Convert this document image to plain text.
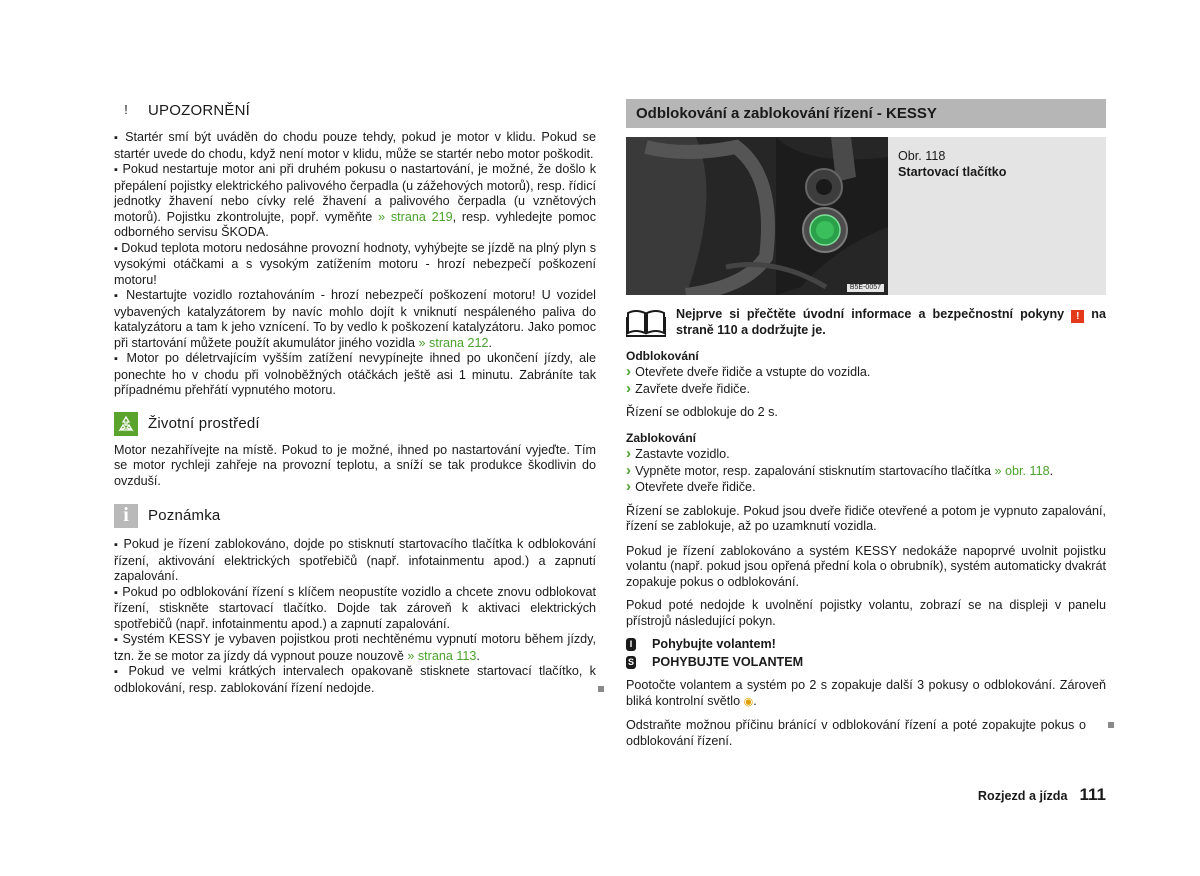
!	UPOZORNĚNÍ
▪ Startér smí být uváděn do chodu pouze tehdy, pokud je motor v klidu. Pokud se startér uvede do chodu, když není motor v klidu, může se startér nebo motor poškodit.
▪ Pokud nestartuje motor ani při druhém pokusu o nastartování, je možné, že došlo k přepálení pojistky elektrického palivového čerpadla (u zážehových motorů), resp. řídicí jednotky žhavení nebo cívky relé žhavení a palivového čerpadla (u vznětových motorů). Pojistku zkontrolujte, popř. vyměňte » strana 219, resp. vyhledejte pomoc odborného servisu ŠKODA.
▪ Dokud teplota motoru nedosáhne provozní hodnoty, vyhýbejte se jízdě na plný plyn s vysokými otáčkami a s vysokým zatížením motoru - hrozí nebezpečí poškození motoru!
▪ Nestartujte vozidlo roztahováním - hrozí nebezpečí poškození motoru! U vozidel vybavených katalyzátorem by navíc mohlo dojít k vniknutí nespáleného paliva do katalyzátoru a tam k jeho vznícení. To by vedlo k poškození katalyzátoru. Jako pomoc při startování můžete použít akumulátor jiného vozidla » strana 212.
▪ Motor po déletrvajícím vyšším zatížení nevypínejte ihned po ukončení jízdy, ale ponechte ho v chodu při volnoběžných otáčkách ještě asi 1 minutu. Zabráníte tak případnému přehřátí vypnutého motoru.
Životní prostředí
Motor nezahřívejte na místě. Pokud to je možné, ihned po nastartování vyjeďte. Tím se motor rychleji zahřeje na provozní teplotu, a sníží se tak produkce škodlivin do ovzduší.
i	Poznámka
▪ Pokud je řízení zablokováno, dojde po stisknutí startovacího tlačítka k odblokování řízení, aktivování elektrických spotřebičů (např. infotainmentu apod.) a zapnutí zapalování.
▪ Pokud po odblokování řízení s klíčem neopustíte vozidlo a chcete znovu odblokovat řízení, stiskněte startovací tlačítko. Dojde tak zároveň k aktivaci elektrických spotřebičů (např. infotainmentu apod.) a zapnutí zapalování.
▪ Systém KESSY je vybaven pojistkou proti nechtěnému vypnutí motoru během jízdy, tzn. že se motor za jízdy dá vypnout pouze nouzově » strana 113.
▪ Pokud ve velmi krátkých intervalech opakovaně stisknete startovací tlačítko, k odblokování, resp. zablokování řízení nedojde.
Odblokování a zablokování řízení - KESSY
B5E-0057
Obr. 118
Startovací tlačítko
Nejprve si přečtěte úvodní informace a bezpečnostní pokyny ! na straně 110 a dodržujte je.
Odblokování
› Otevřete dveře řidiče a vstupte do vozidla.
› Zavřete dveře řidiče.
Řízení se odblokuje do 2 s.
Zablokování
› Zastavte vozidlo.
› Vypněte motor, resp. zapalování stisknutím startovacího tlačítka » obr. 118.
› Otevřete dveře řidiče.
Řízení se zablokuje. Pokud jsou dveře řidiče otevřené a potom je vypnuto zapalování, řízení se zablokuje, až po uzamknutí vozidla.
Pokud je řízení zablokováno a systém KESSY nedokáže napoprvé uvolnit pojistku volantu (např. pokud jsou opřená přední kola o obrubník), systém automaticky dvakrát zopakuje pokus o odblokování.
Pokud poté nedojde k uvolnění pojistky volantu, zobrazí se na displeji v panelu přístrojů následující pokyn.
I Pohybujte volantem!
S POHYBUJTE VOLANTEM
Pootočte volantem a systém po 2 s zopakuje další 3 pokusy o odblokování. Zároveň bliká kontrolní světlo ◉.
Odstraňte možnou příčinu bránící v odblokování řízení a poté zopakujte pokus o odblokování řízení.
Rozjezd a jízda 111
